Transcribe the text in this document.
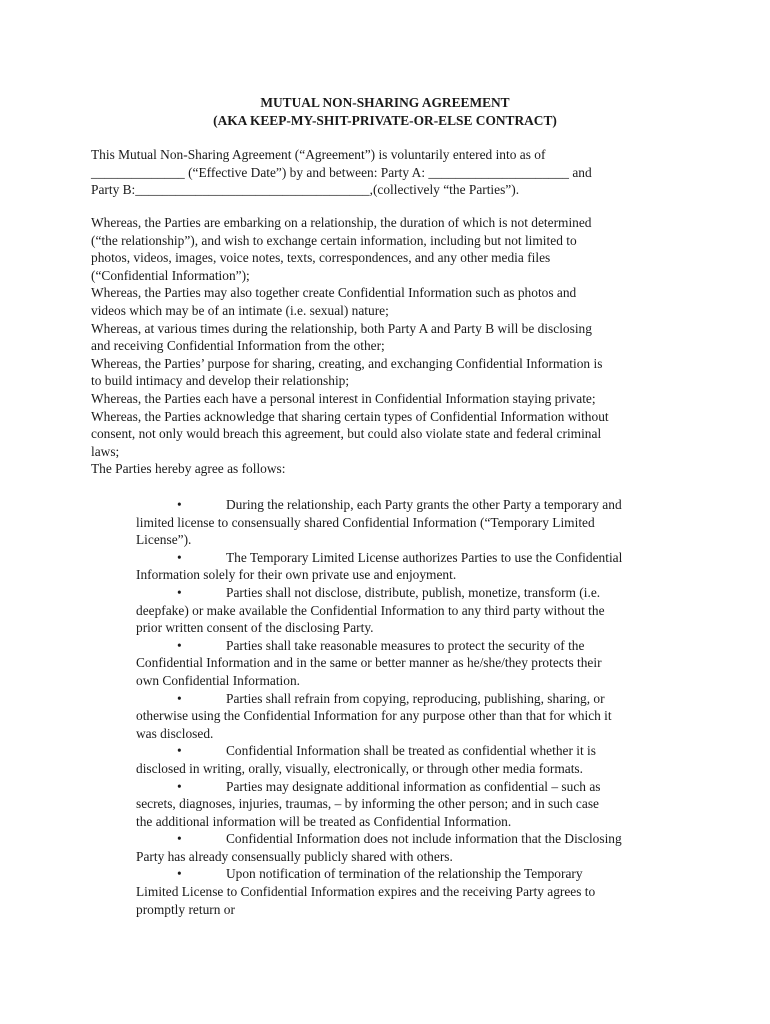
MUTUAL NON-SHARING AGREEMENT
(AKA KEEP-MY-SHIT-PRIVATE-OR-ELSE CONTRACT)
This Mutual Non-Sharing Agreement (“Agreement”) is voluntarily entered into as of
______________ (“Effective Date”) by and between: Party A: _____________________ and
Party B:___________________________________,(collectively “the Parties”).
Whereas, the Parties are embarking on a relationship, the duration of which is not determined
(“the relationship”), and wish to exchange certain information, including but not limited to
photos, videos, images, voice notes, texts, correspondences, and any other media files
(“Confidential Information”);
Whereas, the Parties may also together create Confidential Information such as photos and
videos which may be of an intimate (i.e. sexual) nature;
Whereas, at various times during the relationship, both Party A and Party B will be disclosing
and receiving Confidential Information from the other;
Whereas, the Parties’ purpose for sharing, creating, and exchanging Confidential Information is
to build intimacy and develop their relationship;
Whereas, the Parties each have a personal interest in Confidential Information staying private;
Whereas, the Parties acknowledge that sharing certain types of Confidential Information without
consent, not only would breach this agreement, but could also violate state and federal criminal
laws;
The Parties hereby agree as follows:
•	During the relationship, each Party grants the other Party a temporary and
limited license to consensually shared Confidential Information (“Temporary Limited
License”).
•	The Temporary Limited License authorizes Parties to use the Confidential
Information solely for their own private use and enjoyment.
•	Parties shall not disclose, distribute, publish, monetize, transform (i.e.
deepfake) or make available the Confidential Information to any third party without the
prior written consent of the disclosing Party.
•	Parties shall take reasonable measures to protect the security of the
Confidential Information and in the same or better manner as he/she/they protects their
own Confidential Information.
•	Parties shall refrain from copying, reproducing, publishing, sharing, or
otherwise using the Confidential Information for any purpose other than that for which it
was disclosed.
•	Confidential Information shall be treated as confidential whether it is
disclosed in writing, orally, visually, electronically, or through other media formats.
•	Parties may designate additional information as confidential – such as
secrets, diagnoses, injuries, traumas, – by informing the other person; and in such case
the additional information will be treated as Confidential Information.
•	Confidential Information does not include information that the Disclosing
Party has already consensually publicly shared with others.
•	Upon notification of termination of the relationship the Temporary
Limited License to Confidential Information expires and the receiving Party agrees to
promptly return or
